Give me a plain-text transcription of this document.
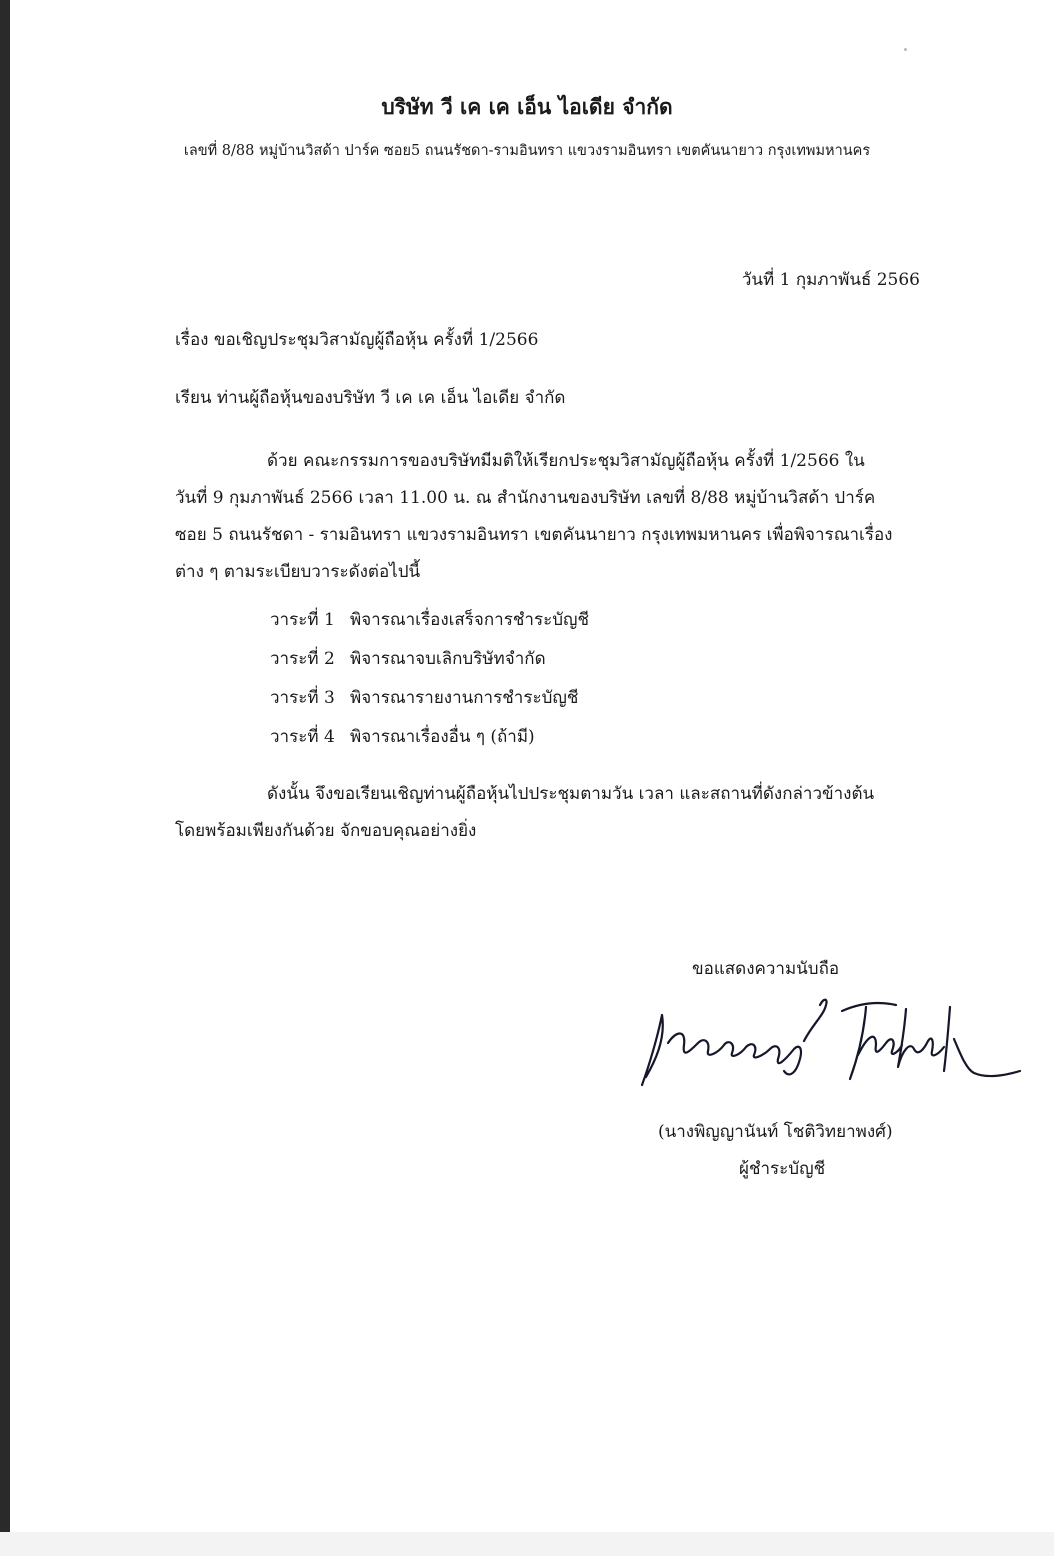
บริษัท วี เค เค เอ็น ไอเดีย จำกัด
เลขที่ 8/88 หมู่บ้านวิสด้า ปาร์ค ซอย5 ถนนรัชดา-รามอินทรา แขวงรามอินทรา เขตคันนายาว กรุงเทพมหานคร
วันที่ 1 กุมภาพันธ์ 2566
เรื่อง ขอเชิญประชุมวิสามัญผู้ถือหุ้น ครั้งที่ 1/2566
เรียน ท่านผู้ถือหุ้นของบริษัท วี เค เค เอ็น ไอเดีย จำกัด
ด้วย คณะกรรมการของบริษัทมีมติให้เรียกประชุมวิสามัญผู้ถือหุ้น ครั้งที่ 1/2566 ใน
วันที่ 9 กุมภาพันธ์ 2566 เวลา 11.00 น. ณ สำนักงานของบริษัท เลขที่ 8/88 หมู่บ้านวิสด้า ปาร์ค
ซอย 5 ถนนรัชดา - รามอินทรา แขวงรามอินทรา เขตคันนายาว กรุงเทพมหานคร เพื่อพิจารณาเรื่อง
ต่าง ๆ ตามระเบียบวาระดังต่อไปนี้
วาระที่ 1 พิจารณาเรื่องเสร็จการชำระบัญชี
วาระที่ 2 พิจารณาจบเลิกบริษัทจำกัด
วาระที่ 3 พิจารณารายงานการชำระบัญชี
วาระที่ 4 พิจารณาเรื่องอื่น ๆ (ถ้ามี)
ดังนั้น จึงขอเรียนเชิญท่านผู้ถือหุ้นไปประชุมตามวัน เวลา และสถานที่ดังกล่าวข้างต้น
โดยพร้อมเพียงกันด้วย จักขอบคุณอย่างยิ่ง
ขอแสดงความนับถือ
(นางพิญญานันท์ โชติวิทยาพงศ์)
ผู้ชำระบัญชี
